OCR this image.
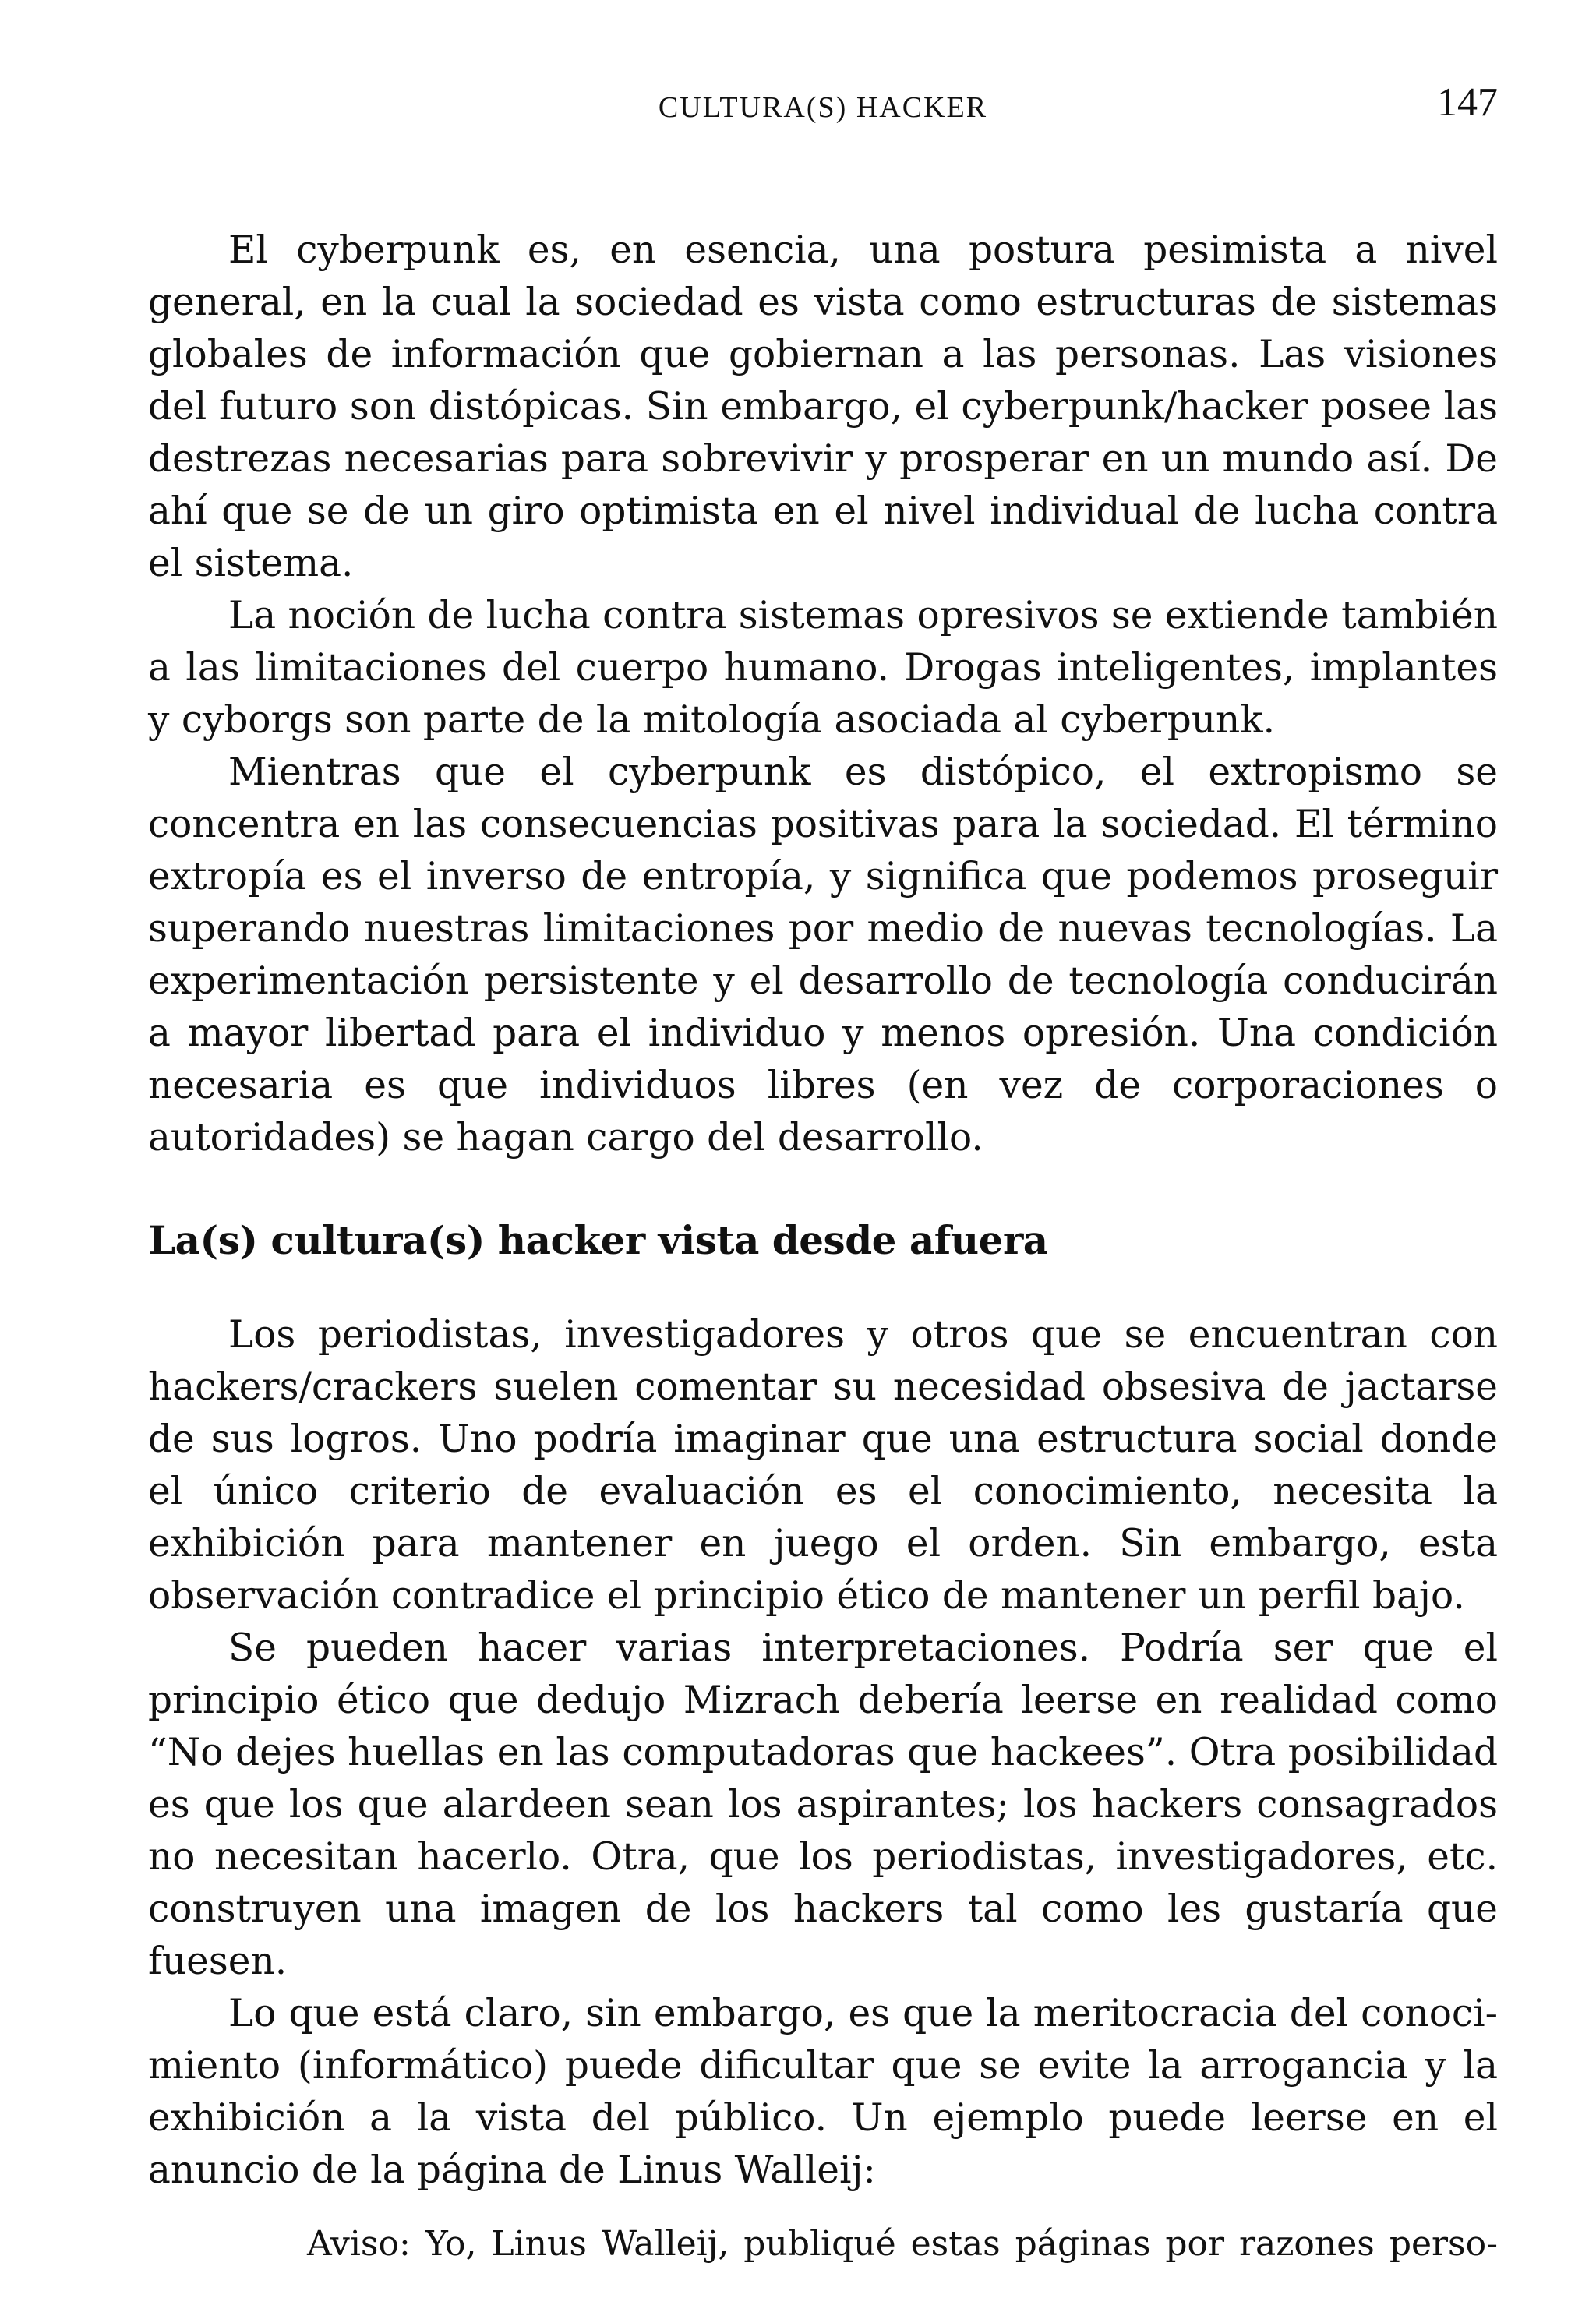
CULTURA(S) HACKER	147

El cyberpunk es, en esencia, una postura pesimista a nivel general, en la cual la sociedad es vista como estructuras de sistemas globales de información que gobiernan a las personas. Las visiones del futuro son distópicas. Sin embargo, el cyberpunk/hacker posee las destrezas necesarias para sobrevivir y prosperar en un mundo así. De ahí que se de un giro optimista en el nivel individual de lucha contra el sistema.

La noción de lucha contra sistemas opresivos se extiende también a las limitaciones del cuerpo humano. Drogas inteligentes, implantes y cyborgs son parte de la mitología asociada al cyberpunk.

Mientras que el cyberpunk es distópico, el extropismo se concentra en las consecuencias positivas para la sociedad. El término extropía es el inverso de entropía, y significa que podemos proseguir superando nuestras limitaciones por medio de nuevas tecnologías. La experimentación persistente y el desarrollo de tecnología conducirán a mayor libertad para el individuo y menos opresión. Una condición necesaria es que individuos libres (en vez de corporaciones o autoridades) se hagan cargo del desarrollo.

La(s) cultura(s) hacker vista desde afuera

Los periodistas, investigadores y otros que se encuentran con hackers/crackers suelen comentar su necesidad obsesiva de jactarse de sus logros. Uno podría imaginar que una estructura social donde el único criterio de evaluación es el conocimiento, necesita la exhibición para mantener en juego el orden. Sin embargo, esta observación contradice el principio ético de mantener un perfil bajo.

Se pueden hacer varias interpretaciones. Podría ser que el principio ético que dedujo Mizrach debería leerse en realidad como “No dejes huellas en las computadoras que hackees”. Otra posibilidad es que los que alardeen sean los aspirantes; los hackers consagrados no necesitan hacerlo. Otra, que los periodistas, investigadores, etc. construyen una imagen de los hackers tal como les gustaría que fuesen.

Lo que está claro, sin embargo, es que la meritocracia del conocimiento (informático) puede dificultar que se evite la arrogancia y la exhibición a la vista del público. Un ejemplo puede leerse en el anuncio de la página de Linus Walleij:

Aviso: Yo, Linus Walleij, publiqué estas páginas por razones perso-
